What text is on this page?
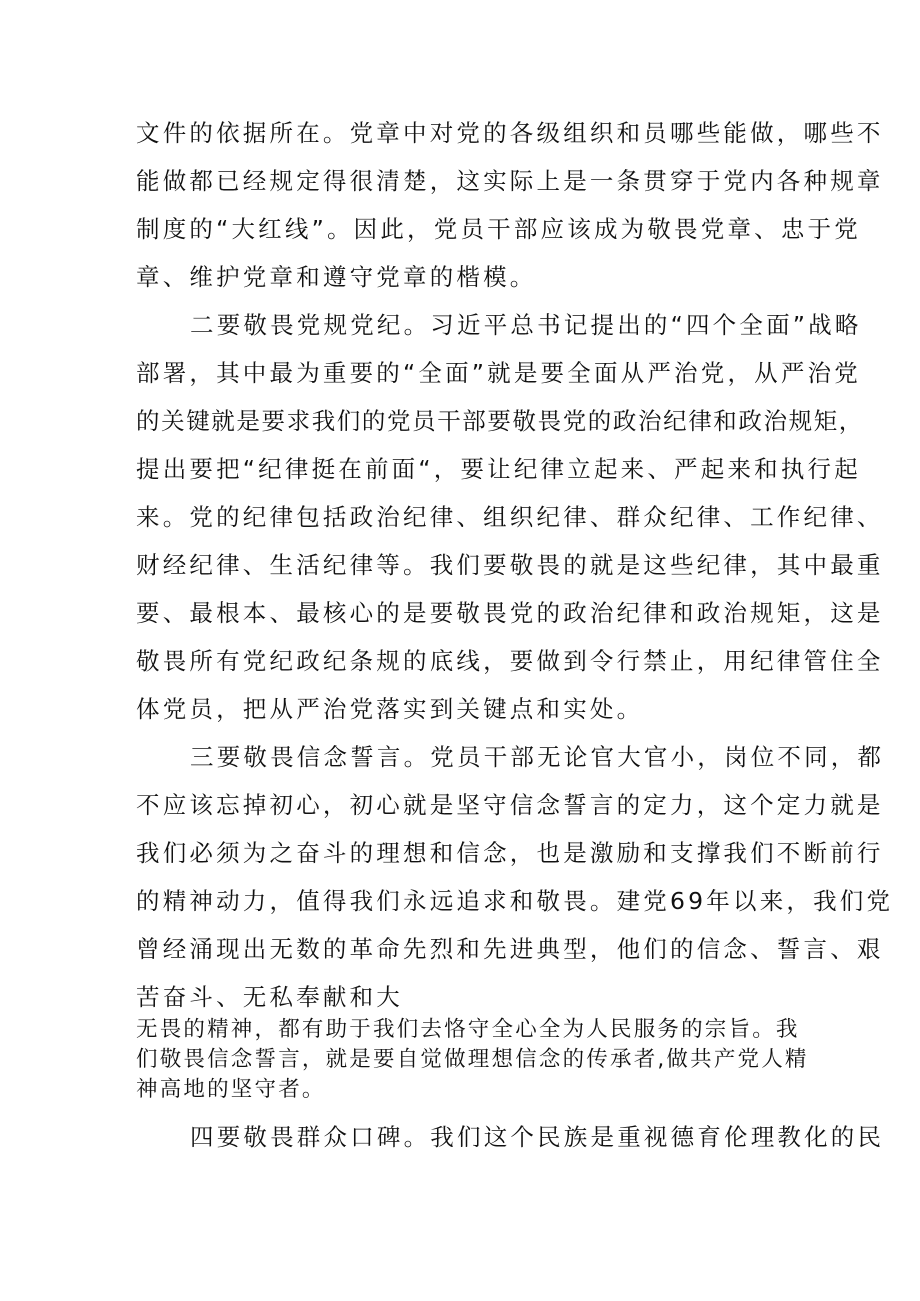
文件的依据所在。党章中对党的各级组织和员哪些能做，哪些不
能做都已经规定得很清楚，这实际上是一条贯穿于党内各种规章
制度的“大红线”。因此，党员干部应该成为敬畏党章、忠于党
章、维护党章和遵守党章的楷模。
二要敬畏党规党纪。习近平总书记提出的“四个全面”战略
部署，其中最为重要的“全面”就是要全面从严治党，从严治党
的关键就是要求我们的党员干部要敬畏党的政治纪律和政治规矩，
提出要把“纪律挺在前面“，要让纪律立起来、严起来和执行起
来。党的纪律包括政治纪律、组织纪律、群众纪律、工作纪律、
财经纪律、生活纪律等。我们要敬畏的就是这些纪律，其中最重
要、最根本、最核心的是要敬畏党的政治纪律和政治规矩，这是
敬畏所有党纪政纪条规的底线，要做到令行禁止，用纪律管住全
体党员，把从严治党落实到关键点和实处。
三要敬畏信念誓言。党员干部无论官大官小，岗位不同，都
不应该忘掉初心，初心就是坚守信念誓言的定力，这个定力就是
我们必须为之奋斗的理想和信念，也是激励和支撑我们不断前行
的精神动力，值得我们永远追求和敬畏。建党69年以来，我们党
曾经涌现出无数的革命先烈和先进典型，他们的信念、誓言、艰
苦奋斗、无私奉献和大
无畏的精神，都有助于我们去恪守全心全为人民服务的宗旨。我
们敬畏信念誓言，就是要自觉做理想信念的传承者,做共产党人精
神高地的坚守者。
四要敬畏群众口碑。我们这个民族是重视德育伦理教化的民
